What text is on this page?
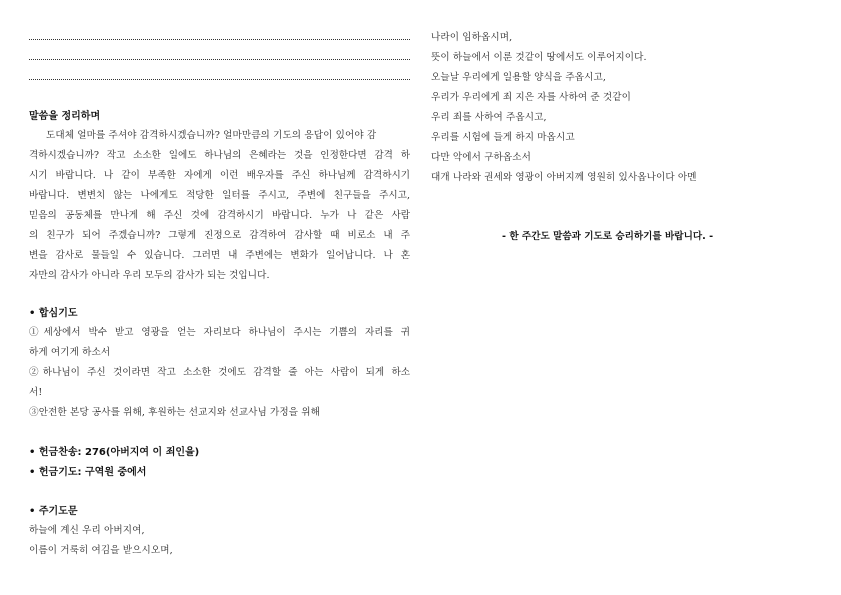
말씀을 정리하며
도대체 얼마를 주셔야 감격하시겠습니까? 얼마만큼의 기도의 응답이 있어야 감
격하시겠습니까? 작고 소소한 일에도 하나님의 은혜라는 것을 인정한다면 감격 하
시기 바랍니다. 나 같이 부족한 자에게 이런 배우자를 주신 하나님께 감격하시기
바랍니다. 변변치 않는 나에게도 적당한 일터를 주시고, 주변에 친구들을 주시고,
믿음의 공동체를 만나게 해 주신 것에 감격하시기 바랍니다. 누가 나 같은 사람
의 친구가 되어 주겠습니까? 그렇게 진정으로 감격하여 감사할 때 비로소 내 주
변을 감사로 물들일 수 있습니다. 그러면 내 주변에는 변화가 일어납니다. 나 혼
자만의 감사가 아니라 우리 모두의 감사가 되는 것입니다.
• 합심기도
①세상에서 박수 받고 영광을 얻는 자리보다 하나님이 주시는 기쁨의 자리를 귀
하게 여기게 하소서
②하나님이 주신 것이라면 작고 소소한 것에도 감격할 줄 아는 사람이 되게 하소
서!
③안전한 본당 공사를 위해, 후원하는 선교지와 선교사님 가정을 위해
• 헌금찬송: 276(아버지여 이 죄인을)
• 헌금기도: 구역원 중에서
• 주기도문
하늘에 계신 우리 아버지여,
이름이 거룩히 여김을 받으시오며,
나라이 임하옵시며,
뜻이 하늘에서 이룬 것같이 땅에서도 이루어지이다.
오늘날 우리에게 일용할 양식을 주옵시고,
우리가 우리에게 죄 지은 자를 사하여 준 것같이
우리 죄를 사하여 주옵시고,
우리를 시험에 들게 하지 마옵시고
다만 악에서 구하옵소서
대개 나라와 권세와 영광이 아버지께 영원히 있사옵나이다 아멘
- 한 주간도 말씀과 기도로 승리하기를 바랍니다. -
